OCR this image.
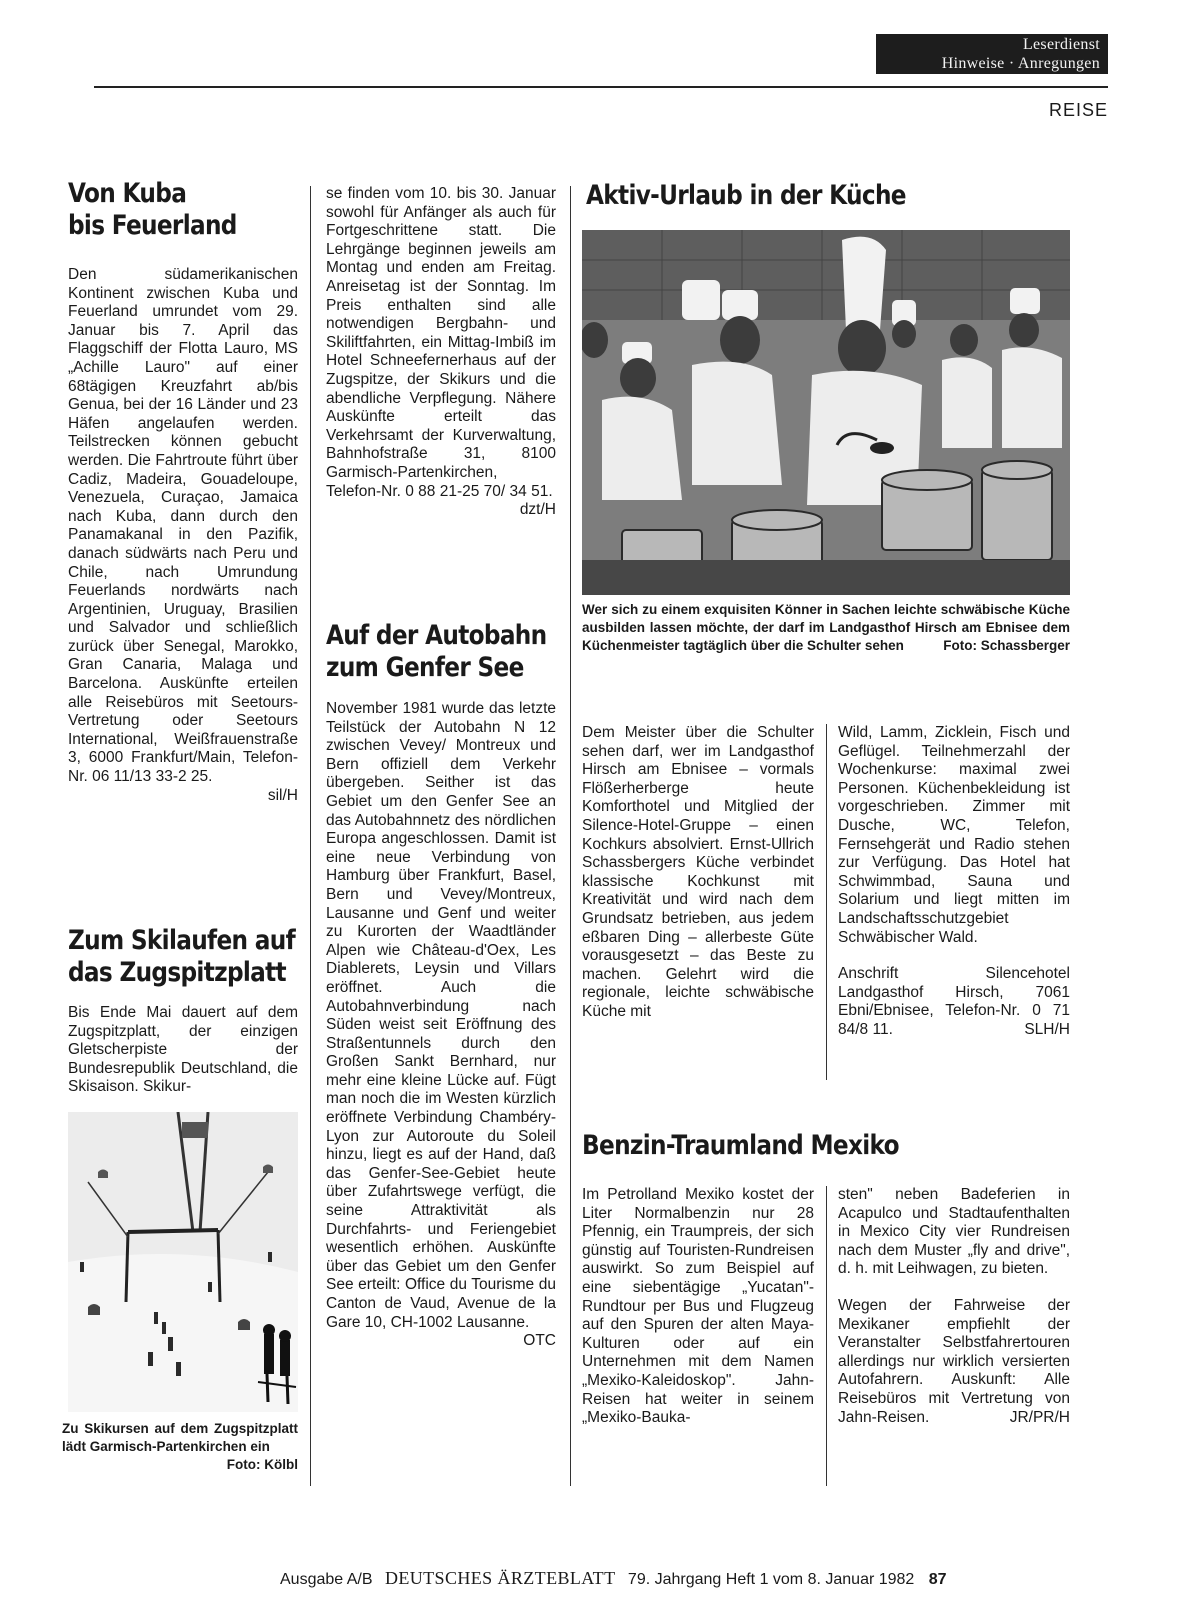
Leserdienst
Hinweise · Anregungen
REISE
Von Kuba
bis Feuerland

Den südamerikanischen Kontinent zwischen Kuba und Feuerland umrundet vom 29. Januar bis 7. April das Flaggschiff der Flotta Lauro, MS „Achille Lauro" auf einer 68tägigen Kreuzfahrt ab/bis Genua, bei der 16 Länder und 23 Häfen angelaufen werden. Teilstrecken können gebucht werden. Die Fahrtroute führt über Cadiz, Madeira, Gouadeloupe, Venezuela, Curaçao, Jamaica nach Kuba, dann durch den Panamakanal in den Pazifik, danach südwärts nach Peru und Chile, nach Umrundung Feuerlands nordwärts nach Argentinien, Uruguay, Brasilien und Salvador und schließlich zurück über Senegal, Marokko, Gran Canaria, Malaga und Barcelona. Auskünfte erteilen alle Reisebüros mit Seetours-Vertretung oder Seetours International, Weißfrauenstraße 3, 6000 Frankfurt/Main, Telefon-Nr. 06 11/13 33-2 25.
sil/H

Zum Skilaufen auf
das Zugspitzplatt

Bis Ende Mai dauert auf dem Zugspitzplatt, der einzigen Gletscherpiste der Bundesrepublik Deutschland, die Skisaison. Skikur-

Zu Skikursen auf dem Zugspitzplatt lädt Garmisch-Partenkirchen ein
Foto: Kölbl

se finden vom 10. bis 30. Januar sowohl für Anfänger als auch für Fortgeschrittene statt. Die Lehrgänge beginnen jeweils am Montag und enden am Freitag. Anreisetag ist der Sonntag. Im Preis enthalten sind alle notwendigen Bergbahn- und Skiliftfahrten, ein Mittag-Imbiß im Hotel Schneefernerhaus auf der Zugspitze, der Skikurs und die abendliche Verpflegung. Nähere Auskünfte erteilt das Verkehrsamt der Kurverwaltung, Bahnhofstraße 31, 8100 Garmisch-Partenkirchen, Telefon-Nr. 0 88 21-25 70/ 34 51.
dzt/H

Auf der Autobahn
zum Genfer See

November 1981 wurde das letzte Teilstück der Autobahn N 12 zwischen Vevey/ Montreux und Bern offiziell dem Verkehr übergeben. Seither ist das Gebiet um den Genfer See an das Autobahnnetz des nördlichen Europa angeschlossen. Damit ist eine neue Verbindung von Hamburg über Frankfurt, Basel, Bern und Vevey/Montreux, Lausanne und Genf und weiter zu Kurorten der Waadtländer Alpen wie Château-d'Oex, Les Diablerets, Leysin und Villars eröffnet. Auch die Autobahnverbindung nach Süden weist seit Eröffnung des Straßentunnels durch den Großen Sankt Bernhard, nur mehr eine kleine Lücke auf. Fügt man noch die im Westen kürzlich eröffnete Verbindung Chambéry-Lyon zur Autoroute du Soleil hinzu, liegt es auf der Hand, daß das Genfer-See-Gebiet heute über Zufahrtswege verfügt, die seine Attraktivität als Durchfahrts- und Feriengebiet wesentlich erhöhen. Auskünfte über das Gebiet um den Genfer See erteilt: Office du Tourisme du Canton de Vaud, Avenue de la Gare 10, CH-1002 Lausanne.
OTC

Aktiv-Urlaub in der Küche
Wer sich zu einem exquisiten Könner in Sachen leichte schwäbische Küche ausbilden lassen möchte, der darf im Landgasthof Hirsch am Ebnisee dem Küchenmeister tagtäglich über die Schulter sehen	Foto: Schassberger

Dem Meister über die Schulter sehen darf, wer im Landgasthof Hirsch am Ebnisee – vormals Flößerherberge heute Komforthotel und Mitglied der Silence-Hotel-Gruppe – einen Kochkurs absolviert. Ernst-Ullrich Schassbergers Küche verbindet klassische Kochkunst mit Kreativität und wird nach dem Grundsatz betrieben, aus jedem eßbaren Ding – allerbeste Güte vorausgesetzt – das Beste zu machen. Gelehrt wird die regionale, leichte schwäbische Küche mit

Wild, Lamm, Zicklein, Fisch und Geflügel. Teilnehmerzahl der Wochenkurse: maximal zwei Personen. Küchenbekleidung ist vorgeschrieben. Zimmer mit Dusche, WC, Telefon, Fernsehgerät und Radio stehen zur Verfügung. Das Hotel hat Schwimmbad, Sauna und Solarium und liegt mitten im Landschaftsschutzgebiet Schwäbischer Wald.

Anschrift Silencehotel Landgasthof Hirsch, 7061 Ebni/Ebnisee, Telefon-Nr. 0 71 84/8 11.	SLH/H

Benzin-Traumland Mexiko

Im Petrolland Mexiko kostet der Liter Normalbenzin nur 28 Pfennig, ein Traumpreis, der sich günstig auf Touristen-Rundreisen auswirkt. So zum Beispiel auf eine siebentägige „Yucatan"-Rundtour per Bus und Flugzeug auf den Spuren der alten Maya-Kulturen oder auf ein Unternehmen mit dem Namen „Mexiko-Kaleidoskop". Jahn-Reisen hat weiter in seinem „Mexiko-Bauka-

sten" neben Badeferien in Acapulco und Stadtaufenthalten in Mexico City vier Rundreisen nach dem Muster „fly and drive", d. h. mit Leihwagen, zu bieten.

Wegen der Fahrweise der Mexikaner empfiehlt der Veranstalter Selbstfahrertouren allerdings nur wirklich versierten Autofahrern. Auskunft: Alle Reisebüros mit Vertretung von Jahn-Reisen.	JR/PR/H

Ausgabe A/B DEUTSCHES ÄRZTEBLATT 79. Jahrgang Heft 1 vom 8. Januar 1982 87
